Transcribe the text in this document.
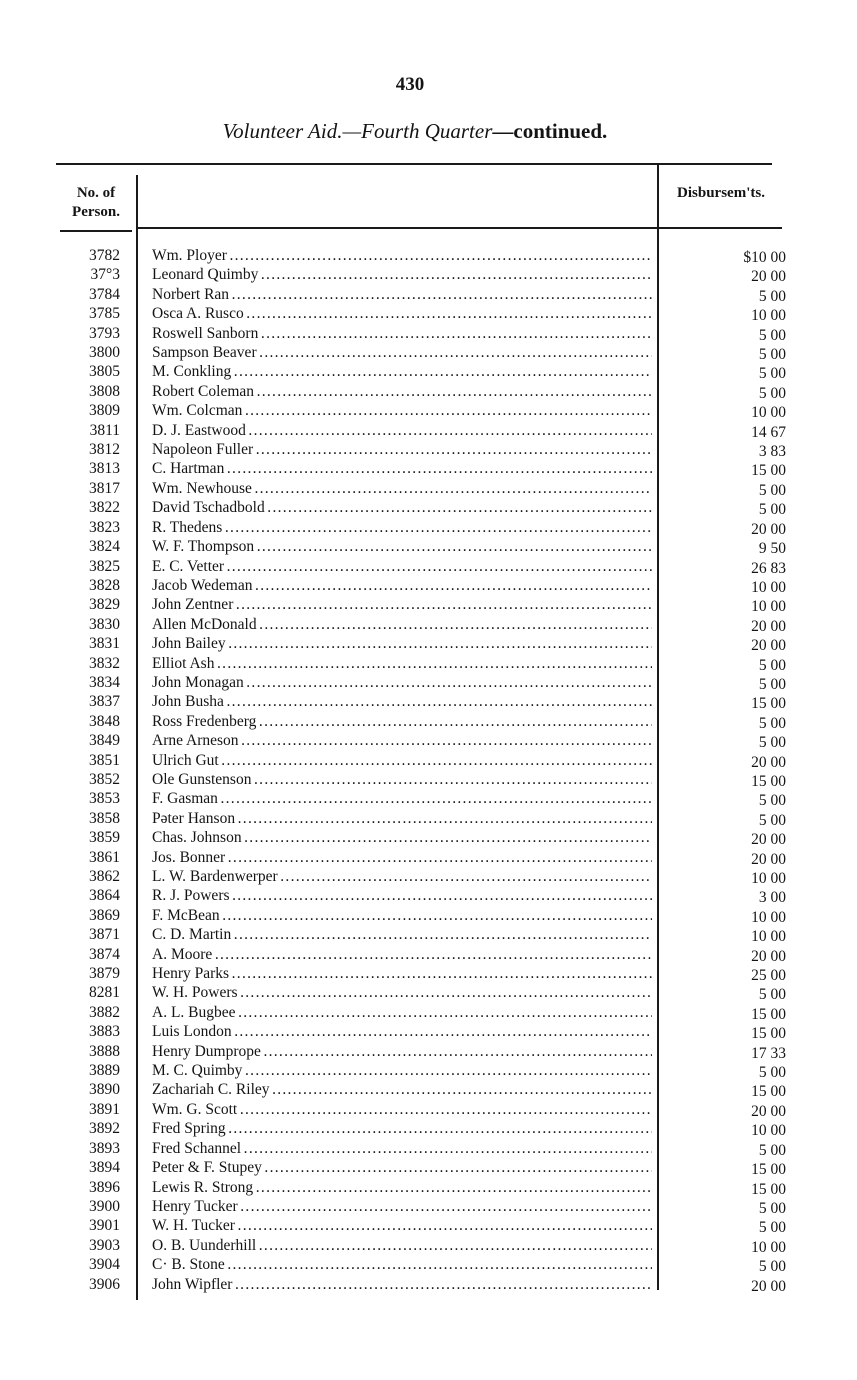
430
Volunteer Aid.—Fourth Quarter—continued.
No. of Person.
Disbursem'ts.
3782 Wm. Ployer . . .	$10 00
37°3 Leonard Quimby . . .	20 00
3784 Norbert Ran . . .	5 00
3785 Osca A. Rusco . . .	10 00
3793 Roswell Sanborn . . .	5 00
3800 Sampson Beaver . . .	5 00
3805 M. Conkling . . .	5 00
3808 Robert Coleman . . .	5 00
3809 Wm. Colcman . . .	10 00
3811 D. J. Eastwood . . .	14 67
3812 Napoleon Fuller . . .	3 83
3813 C. Hartman . . .	15 00
3817 Wm. Newhouse . . .	5 00
3822 David Tschadbold . . .	5 00
3823 R. Thedens . . .	20 00
3824 W. F. Thompson . . .	9 50
3825 E. C. Vetter . . .	26 83
3828 Jacob Wedeman . . .	10 00
3829 John Zentner . . .	10 00
3830 Allen McDonald . . .	20 00
3831 John Bailey . . .	20 00
3832 Elliot Ash . . .	5 00
3834 John Monagan . . .	5 00
3837 John Busha . . .	15 00
3848 Ross Fredenberg . . .	5 00
3849 Arne Arneson . . .	5 00
3851 Ulrich Gut . . .	20 00
3852 Ole Gunstenson . . .	15 00
3853 F. Gasman . . .	5 00
3858 Pəter Hanson . . .	5 00
3859 Chas. Johnson . . .	20 00
3861 Jos. Bonner . . .	20 00
3862 L. W. Bardenwerper . . .	10 00
3864 R. J. Powers . . .	3 00
3869 F. McBean . . .	10 00
3871 C. D. Martin . . .	10 00
3874 A. Moore . . .	20 00
3879 Henry Parks . . .	25 00
8281 W. H. Powers . . .	5 00
3882 A. L. Bugbee . . .	15 00
3883 Luis London . . .	15 00
3888 Henry Dumprope . . .	17 33
3889 M. C. Quimby . . .	5 00
3890 Zachariah C. Riley . . .	15 00
3891 Wm. G. Scott . . .	20 00
3892 Fred Spring . . .	10 00
3893 Fred Schannel . . .	5 00
3894 Peter & F. Stupey . . .	15 00
3896 Lewis R. Strong . . .	15 00
3900 Henry Tucker . . .	5 00
3901 W. H. Tucker . . .	5 00
3903 O. B. Uunderhill . . .	10 00
3904 C· B. Stone . . .	5 00
3906 John Wipfler . . .	20 00
